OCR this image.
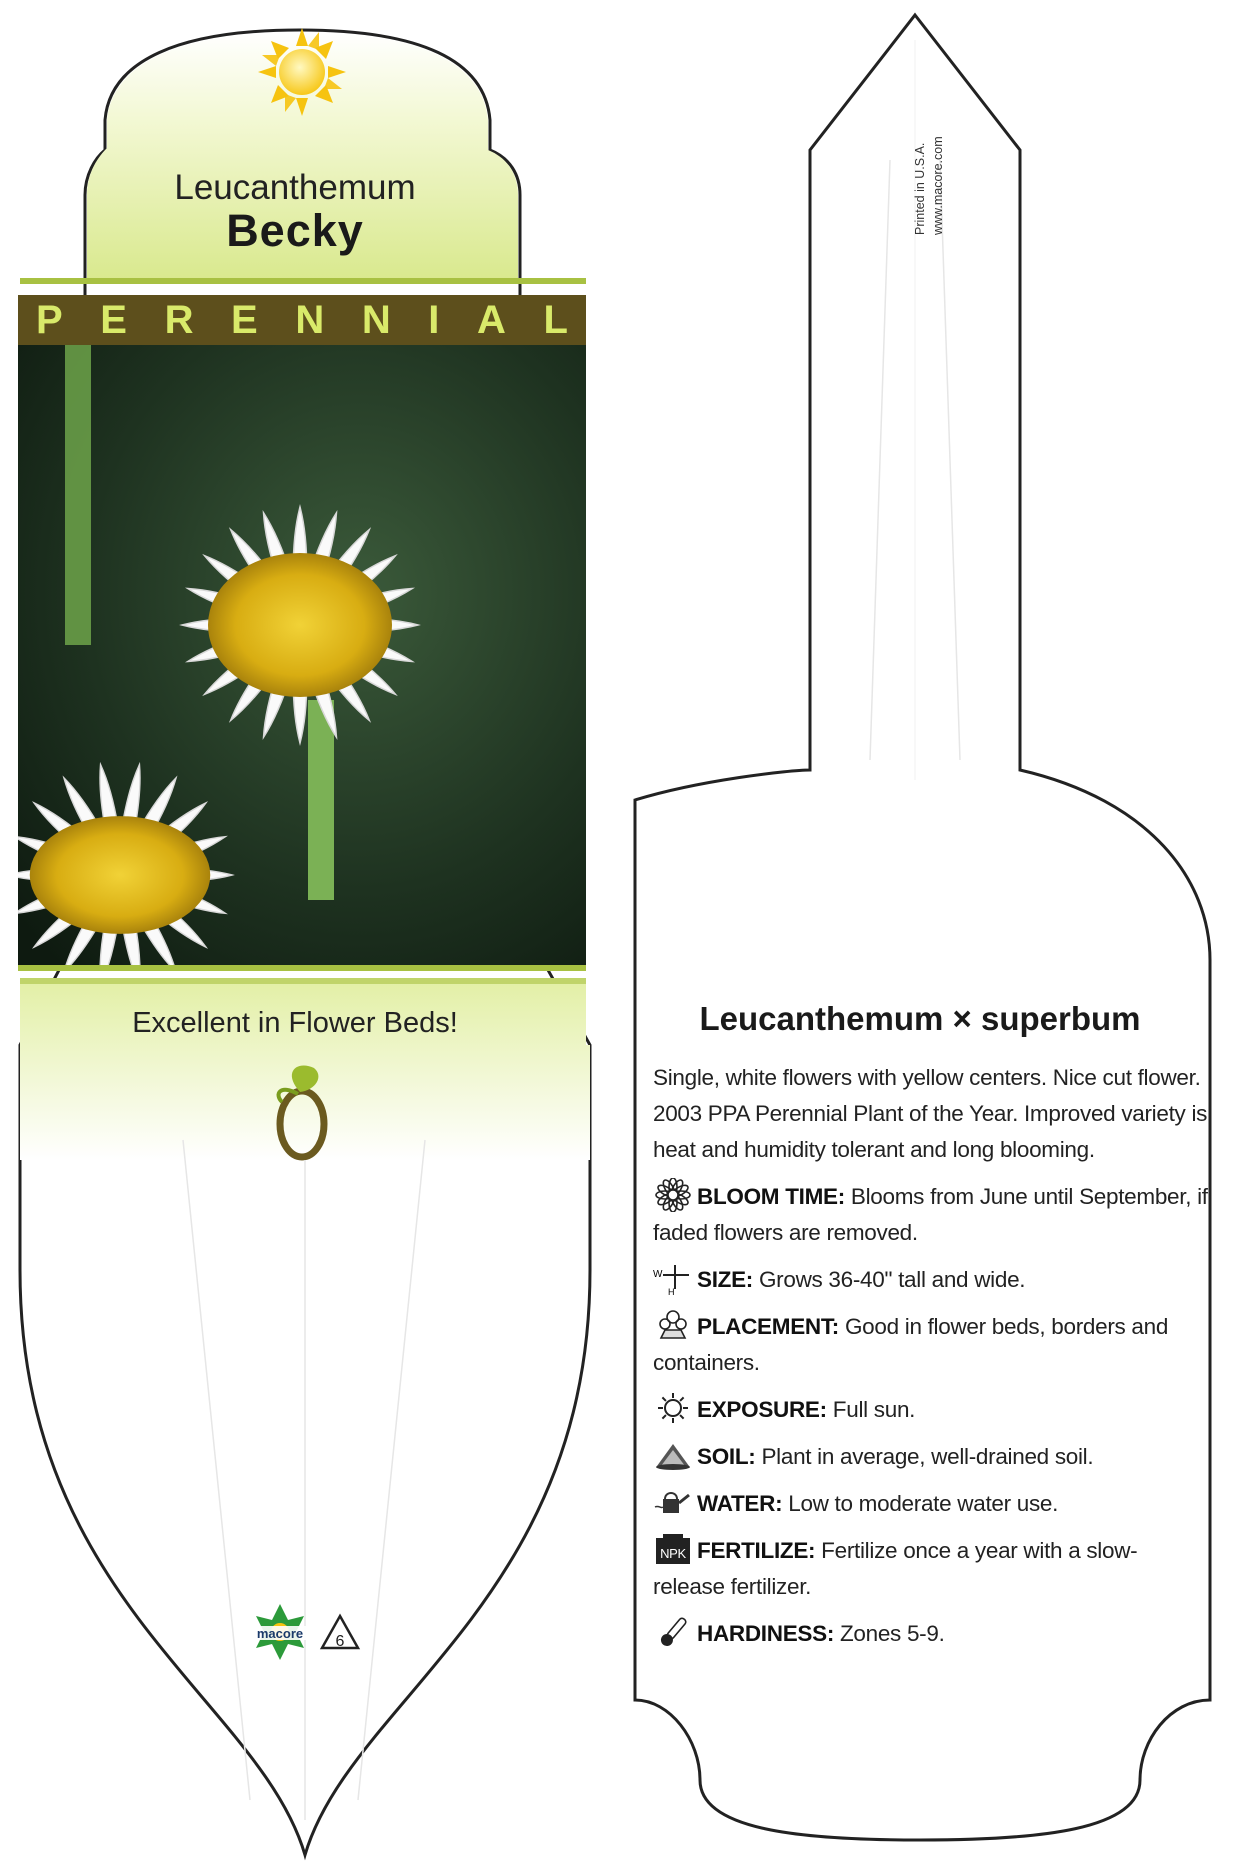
macore 6
Leucanthemum
Becky
P E R E N N I A L
Excellent in Flower Beds!
Printed in U.S.A. www.macore.com
Leucanthemum × superbum

Single, white flowers with yellow centers. Nice cut flower. 2003 PPA Perennial Plant of the Year. Improved variety is heat and humidity tolerant and long blooming.

BLOOM TIME: Blooms from June until September, if faded flowers are removed.

W
H SIZE: Grows 36-40" tall and wide.

PLACEMENT: Good in flower beds, borders and containers.

EXPOSURE: Full sun.

SOIL: Plant in average, well-drained soil.

WATER: Low to moderate water use.

NPK FERTILIZE: Fertilize once a year with a slow-release fertilizer.

HARDINESS: Zones 5-9.
